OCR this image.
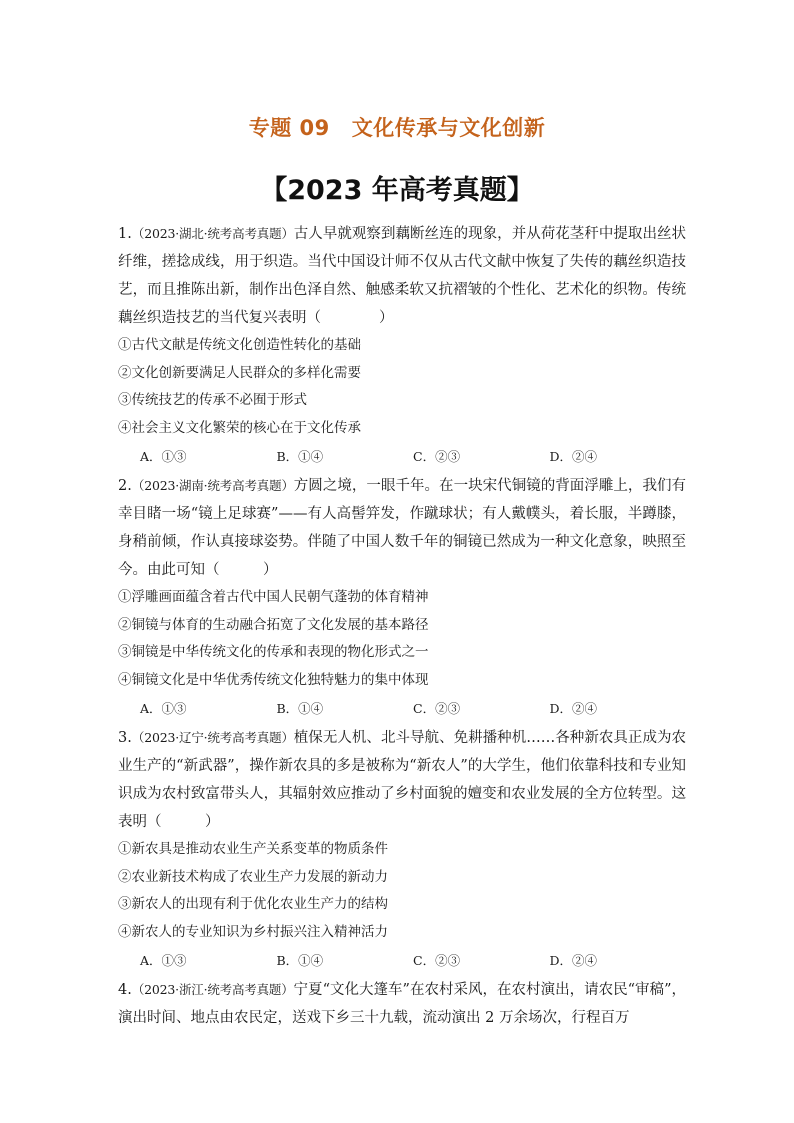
专题 09 文化传承与文化创新
【2023 年高考真题】

1.（2023·湖北·统考高考真题）古人早就观察到藕断丝连的现象，并从荷花茎秆中提取出丝状纤维，搓捻成线，用于织造。当代中国设计师不仅从古代文献中恢复了失传的藕丝织造技艺，而且推陈出新，制作出色泽自然、触感柔软又抗褶皱的个性化、艺术化的织物。传统藕丝织造技艺的当代复兴表明（　　　　）

①古代文献是传统文化创造性转化的基础

②文化创新要满足人民群众的多样化需要

③传统技艺的传承不必囿于形式

④社会主义文化繁荣的核心在于文化传承

A．①③	B．①④	C．②③	D．②④

2.（2023·湖南·统考高考真题）方圆之境，一眼千年。在一块宋代铜镜的背面浮雕上，我们有幸目睹一场“镜上足球赛”——有人高髻笄发，作蹴球状；有人戴幞头，着长服，半蹲膝，身稍前倾，作认真接球姿势。伴随了中国人数千年的铜镜已然成为一种文化意象，映照至今。由此可知（　　　）

①浮雕画面蕴含着古代中国人民朝气蓬勃的体育精神

②铜镜与体育的生动融合拓宽了文化发展的基本路径

③铜镜是中华传统文化的传承和表现的物化形式之一

④铜镜文化是中华优秀传统文化独特魅力的集中体现

A．①③	B．①④	C．②③	D．②④

3.（2023·辽宁·统考高考真题）植保无人机、北斗导航、免耕播种机……各种新农具正成为农业生产的“新武器”，操作新农具的多是被称为“新农人”的大学生，他们依靠科技和专业知识成为农村致富带头人，其辐射效应推动了乡村面貌的嬗变和农业发展的全方位转型。这表明（　　　）

①新农具是推动农业生产关系变革的物质条件

②农业新技术构成了农业生产力发展的新动力

③新农人的出现有利于优化农业生产力的结构

④新农人的专业知识为乡村振兴注入精神活力

A．①③	B．①④	C．②③	D．②④

4.（2023·浙江·统考高考真题）宁夏“文化大篷车”在农村采风，在农村演出，请农民“审稿”，演出时间、地点由农民定，送戏下乡三十九载，流动演出 2 万余场次，行程百万
